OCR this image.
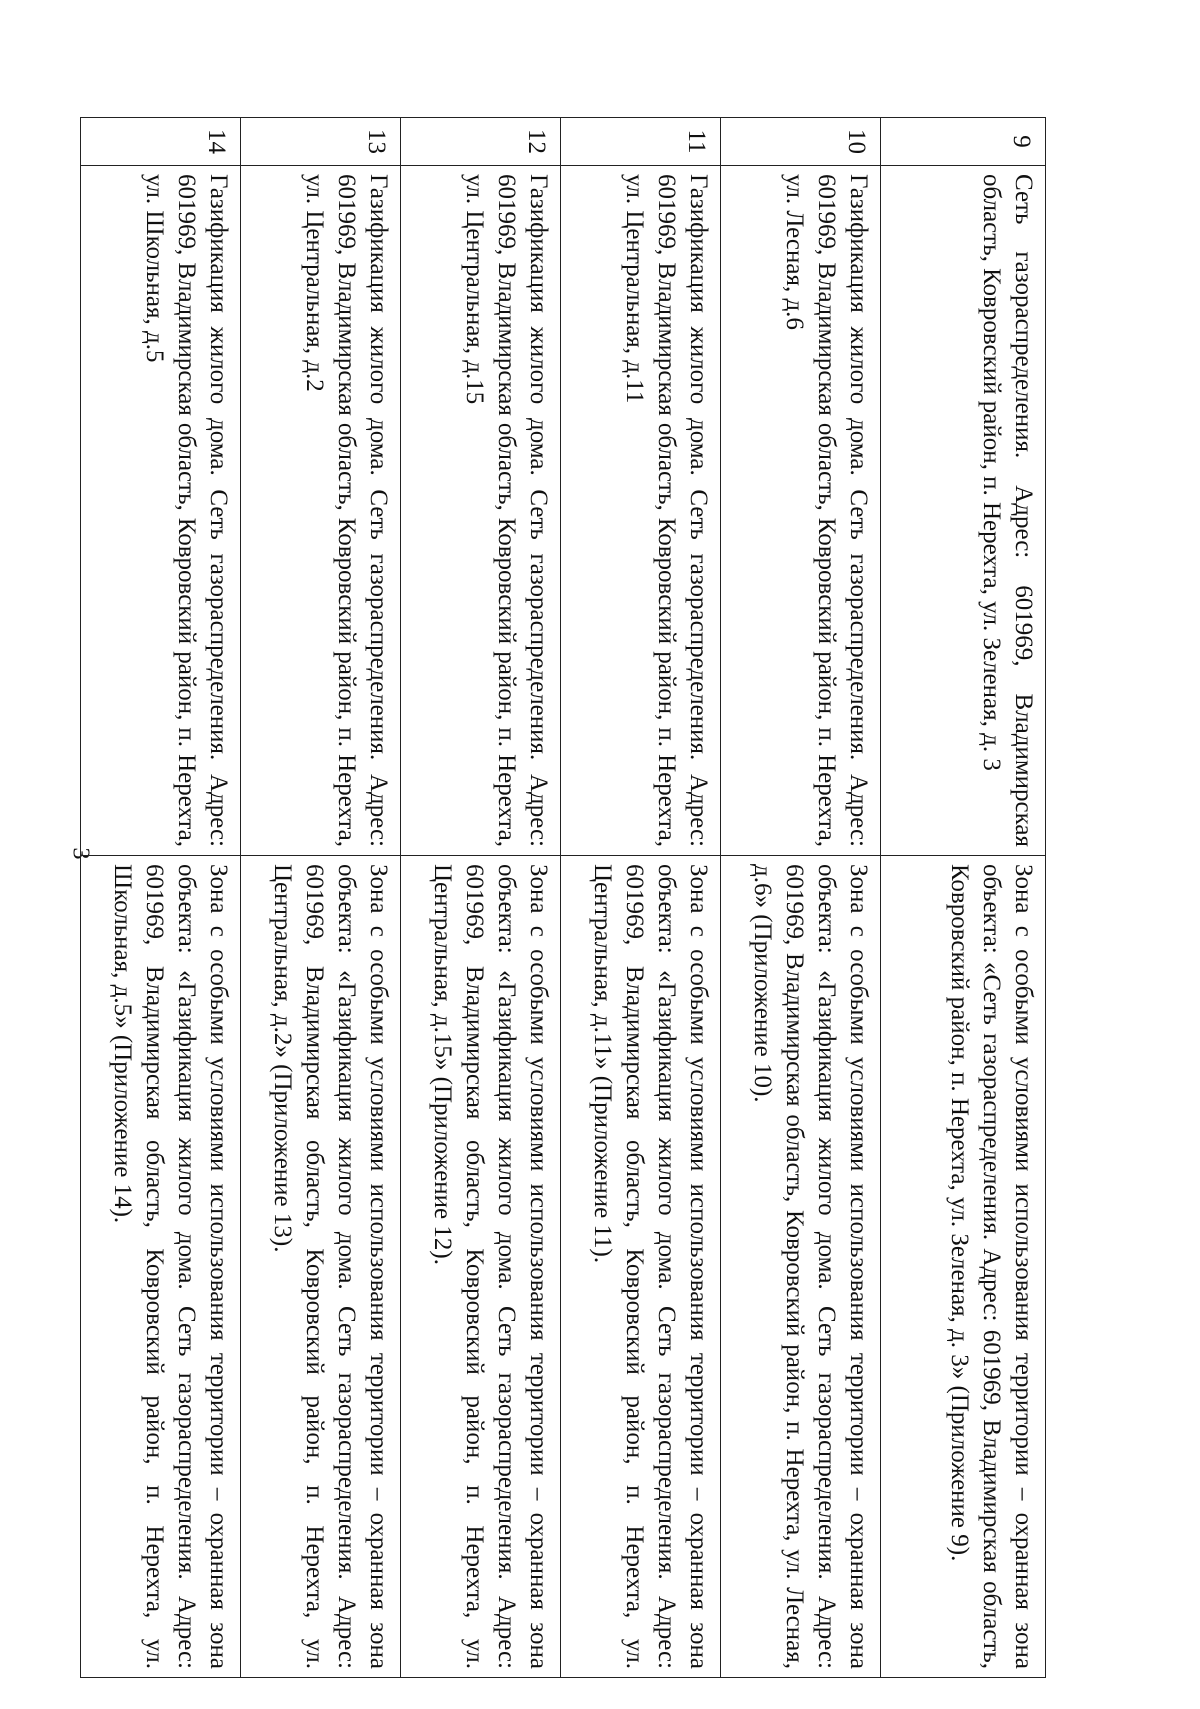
3
9	Сеть газораспределения. Адрес: 601969, Владимирская область, Ковровский район, п. Нерехта, ул. Зеленая, д. 3	Зона с особыми условиями использования территории – охранная зона объекта: «Сеть газораспределения. Адрес: 601969, Владимирская область, Ковровский район, п. Нерехта, ул. Зеленая, д. 3» (Приложение 9).
10	Газификация жилого дома. Сеть газораспределения. Адрес: 601969, Владимирская область, Ковровский район, п. Нерехта, ул. Лесная, д.6	Зона с особыми условиями использования территории – охранная зона объекта: «Газификация жилого дома. Сеть газораспределения. Адрес: 601969, Владимирская область, Ковровский район, п. Нерехта, ул. Лесная, д.6» (Приложение 10).
11	Газификация жилого дома. Сеть газораспределения. Адрес: 601969, Владимирская область, Ковровский район, п. Нерехта, ул. Центральная, д.11	Зона с особыми условиями использования территории – охранная зона объекта: «Газификация жилого дома. Сеть газораспределения. Адрес: 601969, Владимирская область, Ковровский район, п. Нерехта, ул. Центральная, д.11» (Приложение 11).
12	Газификация жилого дома. Сеть газораспределения. Адрес: 601969, Владимирская область, Ковровский район, п. Нерехта, ул. Центральная, д.15	Зона с особыми условиями использования территории – охранная зона объекта: «Газификация жилого дома. Сеть газораспределения. Адрес: 601969, Владимирская область, Ковровский район, п. Нерехта, ул. Центральная, д.15» (Приложение 12).
13	Газификация жилого дома. Сеть газораспределения. Адрес: 601969, Владимирская область, Ковровский район, п. Нерехта, ул. Центральная, д.2	Зона с особыми условиями использования территории – охранная зона объекта: «Газификация жилого дома. Сеть газораспределения. Адрес: 601969, Владимирская область, Ковровский район, п. Нерехта, ул. Центральная, д.2» (Приложение 13).
14	Газификация жилого дома. Сеть газораспределения. Адрес: 601969, Владимирская область, Ковровский район, п. Нерехта, ул. Школьная, д.5	Зона с особыми условиями использования территории – охранная зона объекта: «Газификация жилого дома. Сеть газораспределения. Адрес: 601969, Владимирская область, Ковровский район, п. Нерехта, ул. Школьная, д.5» (Приложение 14).
